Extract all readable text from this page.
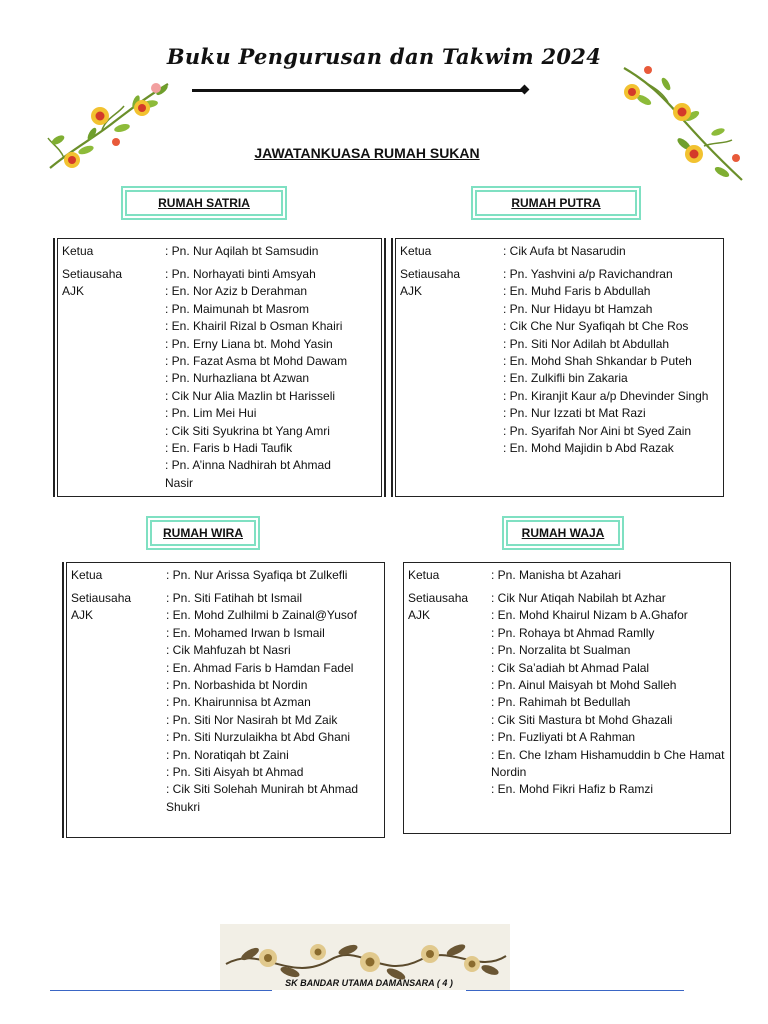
Buku Pengurusan dan Takwim 2024
JAWATANKUASA RUMAH SUKAN
RUMAH SATRIA
Ketua	: Pn. Nur Aqilah bt Samsudin
Setiausaha	: Pn. Norhayati binti Amsyah
AJK	: En. Nor Aziz b Derahman
: Pn. Maimunah bt Masrom
: En. Khairil Rizal b Osman Khairi
: Pn. Erny Liana bt. Mohd Yasin
: Pn. Fazat Asma bt Mohd Dawam
: Pn. Nurhazliana bt Azwan
: Cik Nur Alia Mazlin bt Harisseli
: Pn. Lim Mei Hui
: Cik Siti Syukrina bt Yang Amri
: En. Faris b Hadi Taufik
: Pn. A’inna Nadhirah bt Ahmad Nasir
RUMAH PUTRA
Ketua	: Cik Aufa bt Nasarudin
Setiausaha	: Pn. Yashvini a/p Ravichandran
AJK	: En. Muhd Faris b Abdullah
: Pn. Nur Hidayu bt Hamzah
: Cik Che Nur Syafiqah bt Che Ros
: Pn. Siti Nor Adilah bt Abdullah
: En. Mohd Shah Shkandar b Puteh
: En. Zulkifli bin Zakaria
: Pn. Kiranjit Kaur a/p Dhevinder Singh
: Pn. Nur Izzati bt Mat Razi
: Pn. Syarifah Nor Aini bt Syed Zain
: En. Mohd Majidin b Abd Razak
RUMAH WIRA
Ketua	: Pn. Nur Arissa Syafiqa bt Zulkefli
Setiausaha	: Pn. Siti Fatihah bt Ismail
AJK	: En. Mohd Zulhilmi b Zainal@Yusof
: En. Mohamed Irwan b Ismail
: Cik Mahfuzah bt Nasri
: En. Ahmad Faris b Hamdan Fadel
: Pn. Norbashida bt Nordin
: Pn. Khairunnisa bt Azman
: Pn. Siti Nor Nasirah bt Md Zaik
: Pn. Siti Nurzulaikha bt Abd Ghani
: Pn. Noratiqah bt Zaini
: Pn. Siti Aisyah bt Ahmad
: Cik Siti Solehah Munirah bt Ahmad Shukri
RUMAH WAJA
Ketua	: Pn. Manisha bt Azahari
Setiausaha : Cik Nur Atiqah Nabilah bt Azhar
AJK	: En. Mohd Khairul Nizam b A.Ghafor
: Pn. Rohaya bt Ahmad Ramlly
: Pn. Norzalita bt Sualman
: Cik Sa’adiah bt Ahmad Palal
: Pn. Ainul Maisyah bt Mohd Salleh
: Pn. Rahimah bt Bedullah
: Cik Siti Mastura bt Mohd Ghazali
: Pn. Fuzliyati bt A Rahman
: En. Che Izham Hishamuddin b Che Hamat Nordin
: En. Mohd Fikri Hafiz b Ramzi
SK BANDAR UTAMA DAMANSARA ( 4 )
